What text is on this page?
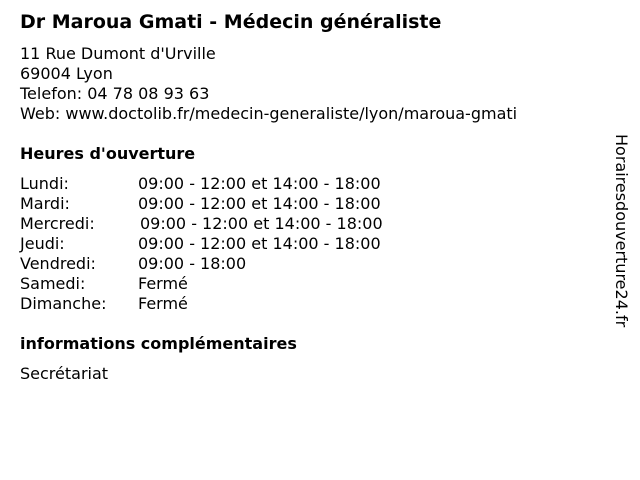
Dr Maroua Gmati - Médecin généraliste
11 Rue Dumont d'Urville
69004 Lyon
Telefon: 04 78 08 93 63
Web: www.doctolib.fr/medecin-generaliste/lyon/maroua-gmati
Heures d'ouverture
Lundi:	09:00 - 12:00 et 14:00 - 18:00
Mardi:	09:00 - 12:00 et 14:00 - 18:00
Mercredi:	09:00 - 12:00 et 14:00 - 18:00
Jeudi:	09:00 - 12:00 et 14:00 - 18:00
Vendredi:	09:00 - 18:00
Samedi:	Fermé
Dimanche: Fermé
informations complémentaires
Secrétariat
Horairesdouverture24.fr
